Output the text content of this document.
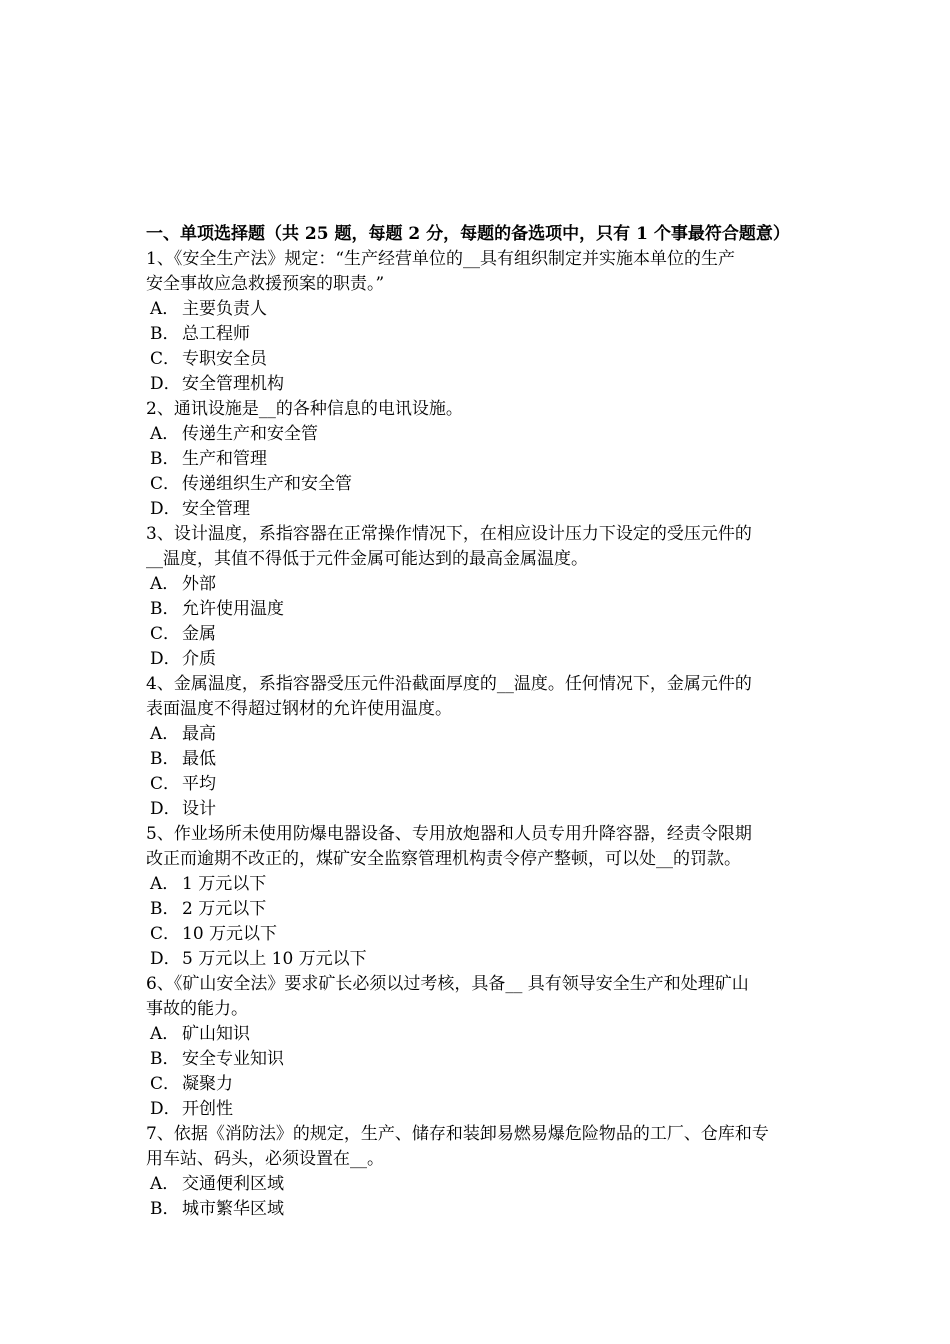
一、单项选择题（共 25 题，每题 2 分，每题的备选项中，只有 1 个事最符合题意）
1、《安全生产法》规定：“生产经营单位的__具有组织制定并实施本单位的生产
安全事故应急救援预案的职责。”
A． 主要负责人
B． 总工程师
C． 专职安全员
D．安全管理机构
2、通讯设施是__的各种信息的电讯设施。
A． 传递生产和安全管
B． 生产和管理
C． 传递组织生产和安全管
D．安全管理
3、设计温度，系指容器在正常操作情况下，在相应设计压力下设定的受压元件的
__温度，其值不得低于元件金属可能达到的最高金属温度。
A． 外部
B． 允许使用温度
C． 金属
D．介质
4、金属温度，系指容器受压元件沿截面厚度的__温度。任何情况下，金属元件的
表面温度不得超过钢材的允许使用温度。
A． 最高
B． 最低
C． 平均
D．设计
5、作业场所未使用防爆电器设备、专用放炮器和人员专用升降容器，经责令限期
改正而逾期不改正的，煤矿安全监察管理机构责令停产整顿，可以处__的罚款。
A． 1 万元以下
B． 2 万元以下
C． 10 万元以下
D．5 万元以上 10 万元以下
6、《矿山安全法》要求矿长必须以过考核，具备__ 具有领导安全生产和处理矿山
事故的能力。
A． 矿山知识
B． 安全专业知识
C． 凝聚力
D．开创性
7、依据《消防法》的规定，生产、储存和装卸易燃易爆危险物品的工厂、仓库和专
用车站、码头，必须设置在__。
A． 交通便利区域
B． 城市繁华区域
